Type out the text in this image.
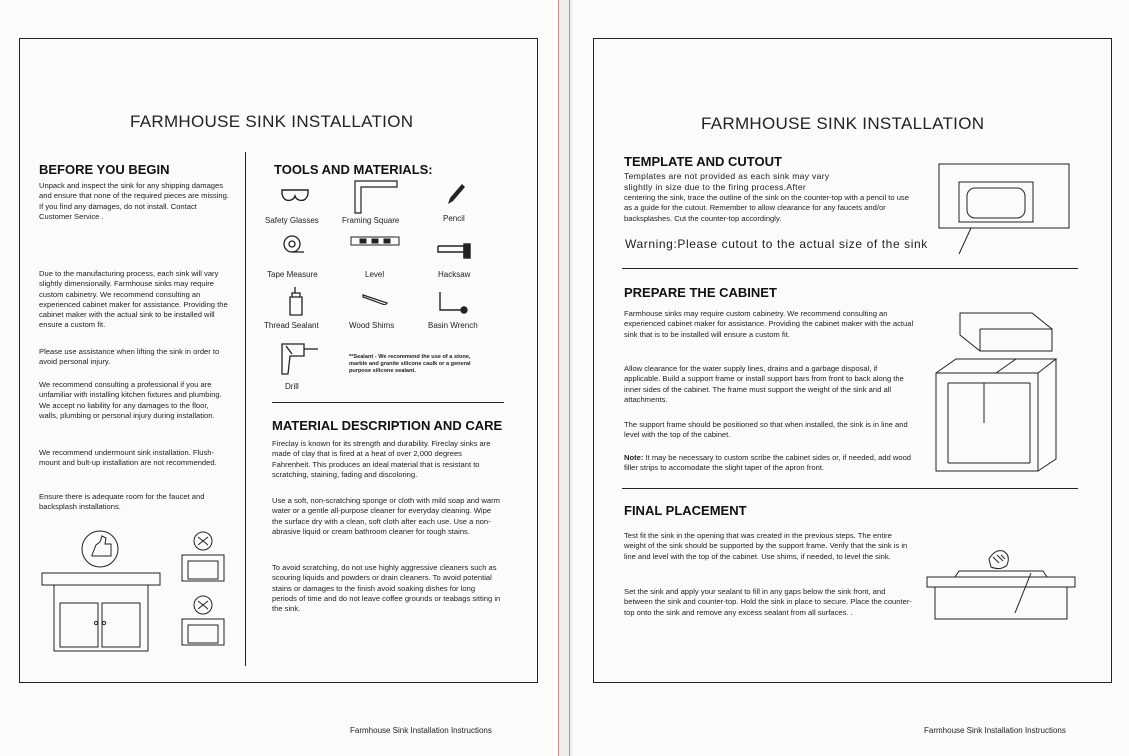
FARMHOUSE SINK INSTALLATION
BEFORE YOU BEGIN
Unpack and inspect the sink for any shipping damages and ensure that none of the required pieces are missing. If you find any damages, do not install. Contact Customer Service .
Due to the manufacturing process, each sink will vary slightly dimensionally. Farmhouse sinks may require custom cabinetry. We recommend consulting an experienced cabinet maker for assistance. Providing the cabinet maker with the actual sink to be installed will ensure a custom fit.
Please use assistance when lifting the sink in order to avoid personal injury.
We recommend consulting a professional if you are unfamiliar with installing kitchen fixtures and plumbing. We accept no liability for any damages to the floor, walls, plumbing or personal injury during installation.
We recommend undermount sink installation. Flush-mount and bult-up installation are not recommended.
Ensure there is adequate room for the faucet and backsplash installations.
TOOLS AND MATERIALS:
Safety Glasses	Framing Square	Pencil
Tape Measure	Level	Hacksaw
Thread Sealant	Wood Shims	Basin Wrench
Drill
**Sealant - We recommend the use of a stone, marble and granite silicone caulk or a general purpose silicone sealant.
MATERIAL DESCRIPTION AND CARE
Fireclay is known for its strength and durability. Fireclay sinks are made of clay that is fired at a heat of over 2,000 degrees Fahrenheit. This produces an ideal material that is resistant to scratching, staining, fading and discoloring.
Use a soft, non-scratching sponge or cloth with mild soap and warm water or a gentle all-purpose cleaner for everyday cleaning. Wipe the surface dry with a clean, soft cloth after each use. Use a non-abrasive liquid or cream bathroom cleaner for tough stains.
To avoid scratching, do not use highly aggressive cleaners such as scouring liquids and powders or drain cleaners. To avoid potential stains or damages to the finish avoid soaking dishes for long periods of time and do not leave coffee grounds or teabags sitting in the sink.
Farmhouse Sink Installation Instructions
FARMHOUSE SINK INSTALLATION
TEMPLATE AND CUTOUT
Templates are not provided as each sink may vary slightly in size due to the firing process.After
centering the sink, trace the outline of the sink on the counter-top with a pencil to use as a guide for the cutout. Remember to allow clearance for any faucets and/or backsplashes. Cut the counter-top accordingly.
Warning:Please cutout to the actual size of the sink
PREPARE THE CABINET
Farmhouse sinks may require custom cabinetry. We recommend consulting an experienced cabinet maker for assistance. Providing the cabinet maker with the actual sink that is to be installed will ensure a custom fit.
Allow clearance for the water supply lines, drains and a garbage disposal, if applicable. Build a support frame or install support bars from front to back along the inner sides of the cabinet. The frame must support the weight of the sink and all attachments.
The support frame should be positioned so that when installed, the sink is in line and level with the top of the cabinet.
Note: It may be necessary to custom scribe the cabinet sides or, if needed, add wood filler strips to accomodate the slight taper of the apron front.
FINAL PLACEMENT
Test fit the sink in the opening that was created in the previous steps. The entire weight of the sink should be supported by the support frame. Verify that the sink is in line and level with the top of the cabinet. Use shims, if needed, to level the sink.
Set the sink and apply your sealant to fill in any gaps below the sink front, and between the sink and counter-top. Hold the sink in place to secure. Place the counter-top onto the sink and remove any excess sealant from all surfaces. .
Farmhouse Sink Installation Instructions
